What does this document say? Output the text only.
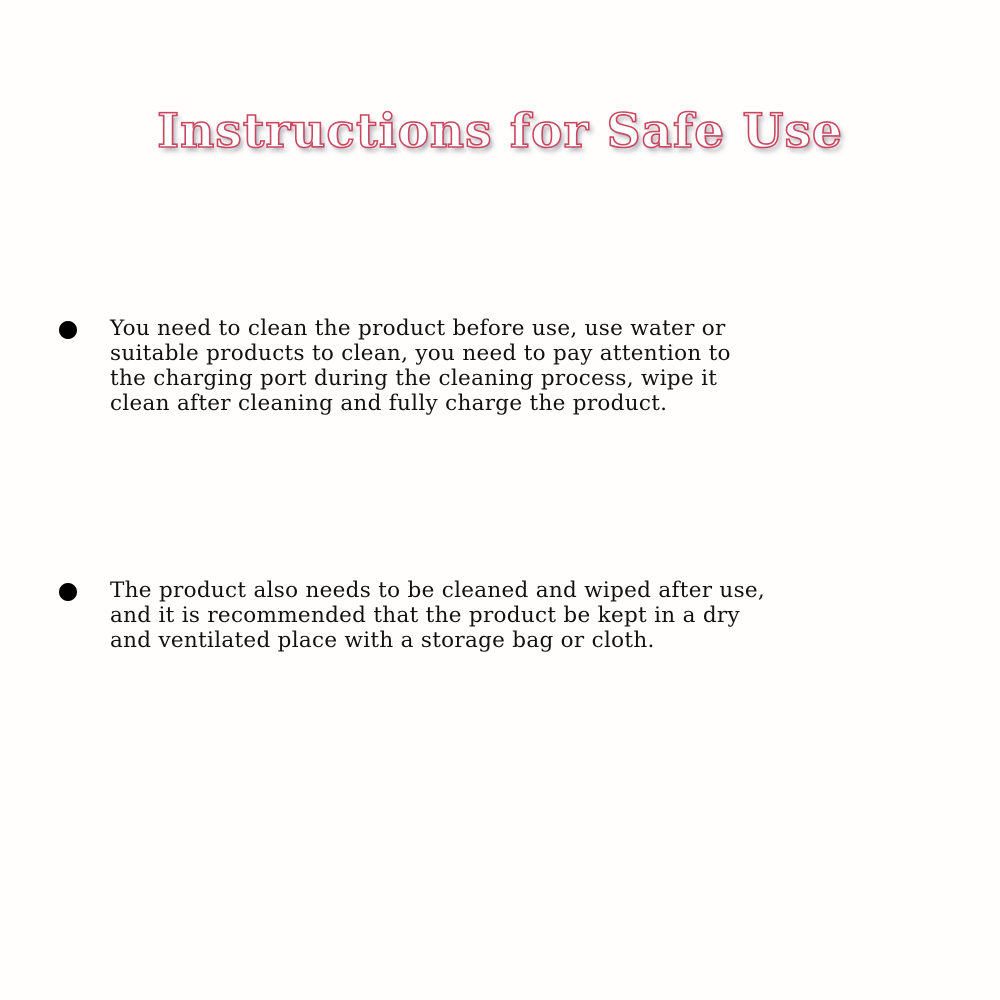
Instructions for Safe Use
You need to clean the product before use, use water or
suitable products to clean, you need to pay attention to
the charging port during the cleaning process, wipe it
clean after cleaning and fully charge the product.
The product also needs to be cleaned and wiped after use,
and it is recommended that the product be kept in a dry
and ventilated place with a storage bag or cloth.
